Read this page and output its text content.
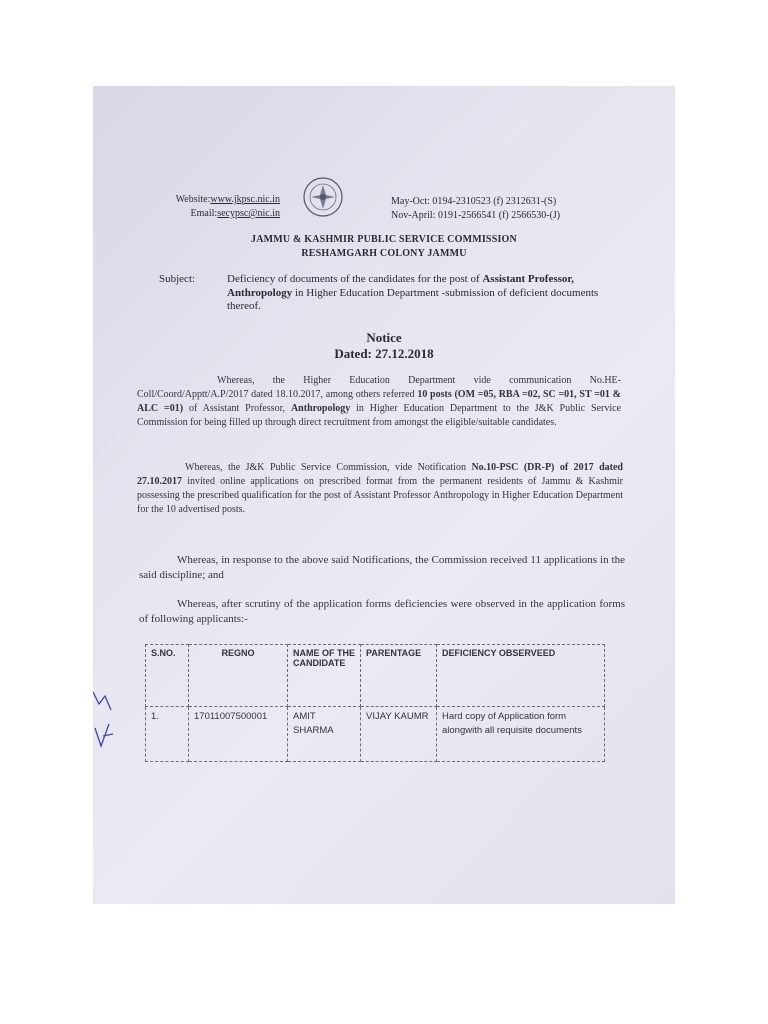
Website:www.jkpsc.nic.in
Email:secypsc@nic.in
May-Oct: 0194-2310523 (f) 2312631-(S)
Nov-April: 0191-2566541 (f) 2566530-(J)
JAMMU & KASHMIR PUBLIC SERVICE COMMISSION
RESHAMGARH COLONY JAMMU
Subject:	Deficiency of documents of the candidates for the post of Assistant Professor, Anthropology in Higher Education Department -submission of deficient documents thereof.
Notice
Dated: 27.12.2018
Whereas, the Higher Education Department vide communication No.HE-Coll/Coord/Apptt/A.P/2017 dated 18.10.2017, among others referred 10 posts (OM =05, RBA =02, SC =01, ST =01 & ALC =01) of Assistant Professor, Anthropology in Higher Education Department to the J&K Public Service Commission for being filled up through direct recruitment from amongst the eligible/suitable candidates.
Whereas, the J&K Public Service Commission, vide Notification No.10-PSC (DR-P) of 2017 dated 27.10.2017 invited online applications on prescribed format from the permanent residents of Jammu & Kashmir possessing the prescribed qualification for the post of Assistant Professor Anthropology in Higher Education Department for the 10 advertised posts.
Whereas, in response to the above said Notifications, the Commission received 11 applications in the said discipline; and
Whereas, after scrutiny of the application forms deficiencies were observed in the application forms of following applicants:-
S.NO.	REGNO	NAME OF THE CANDIDATE	PARENTAGE	DEFICIENCY OBSERVEED
1.	17011007500001	AMIT SHARMA	VIJAY KAUMR	Hard copy of Application form alongwith all requisite documents
